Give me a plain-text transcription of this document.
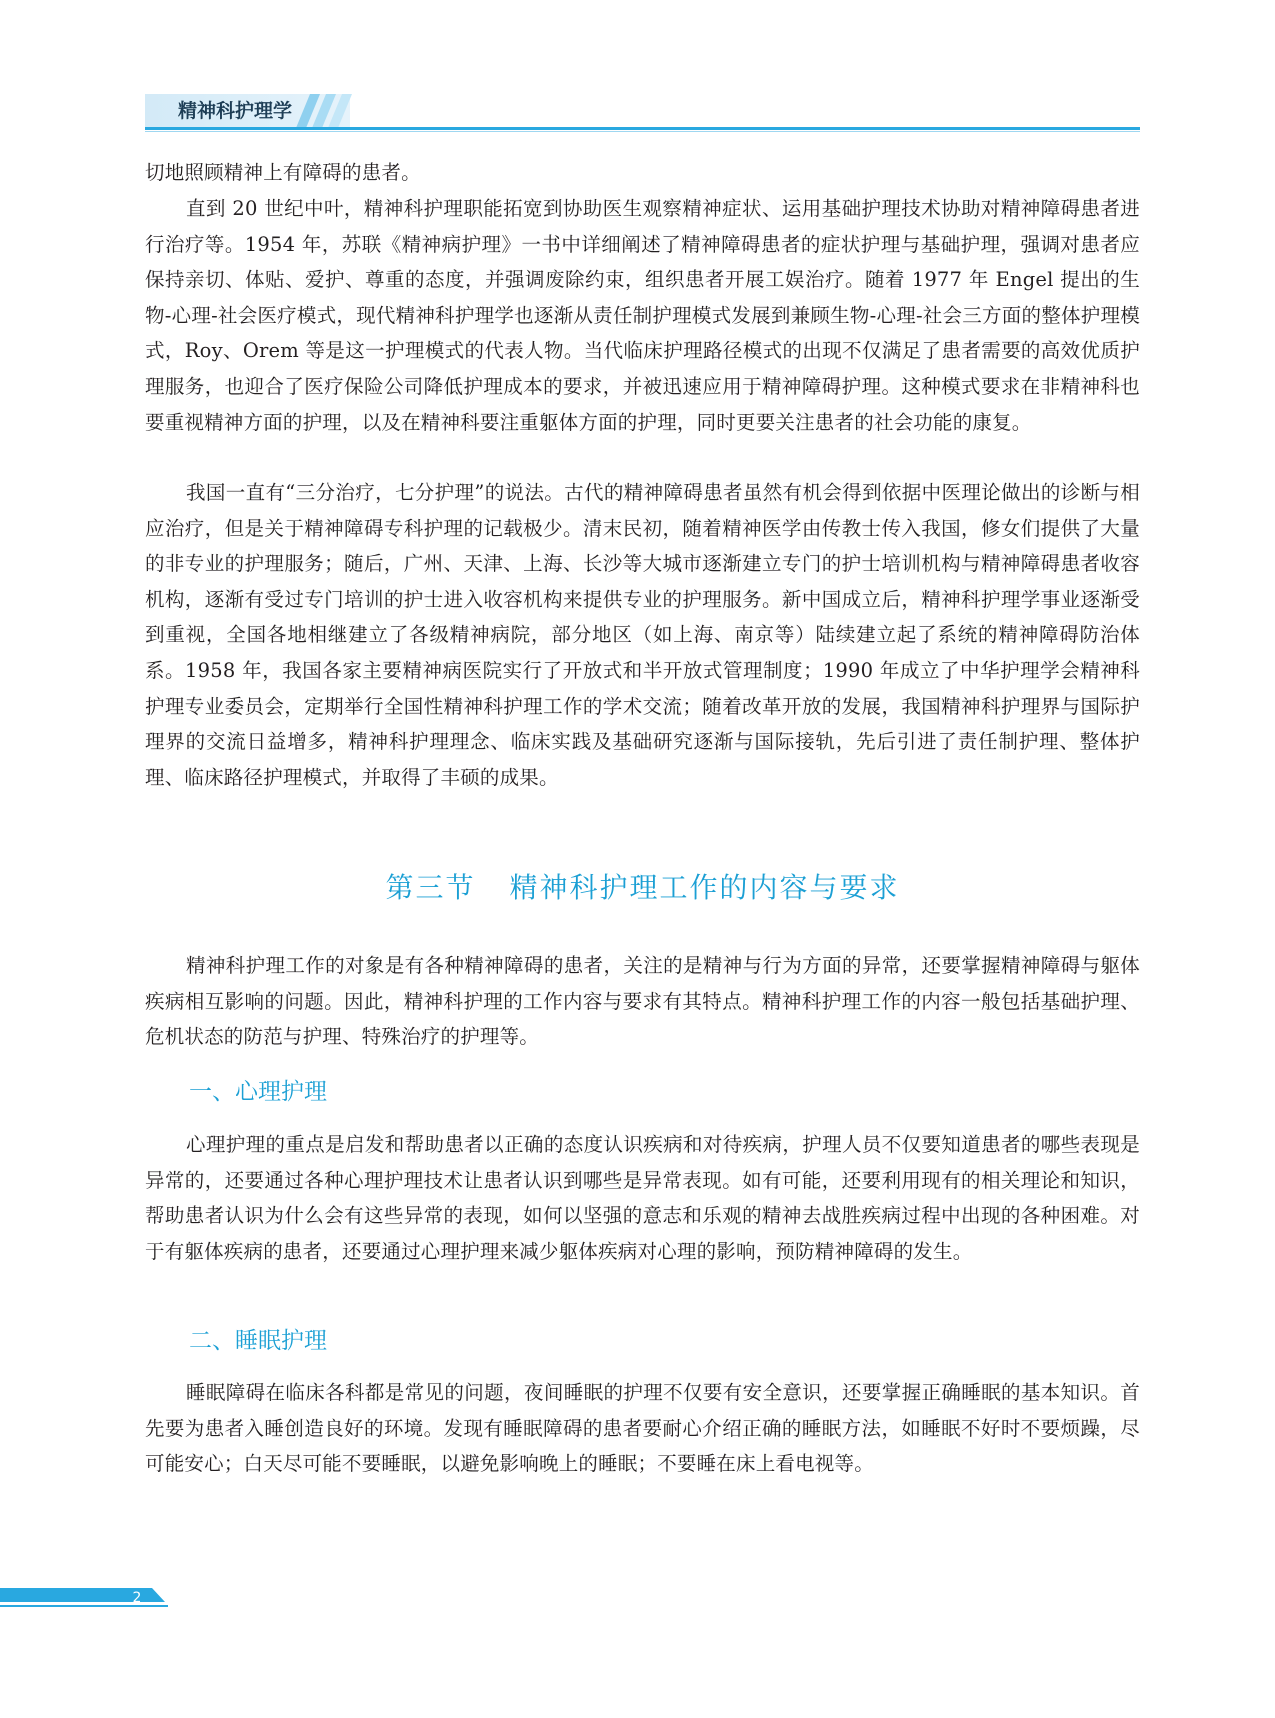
精神科护理学

切地照顾精神上有障碍的患者。

直到 20 世纪中叶，精神科护理职能拓宽到协助医生观察精神症状、运用基础护理技术协助对精神障碍患者进行治疗等。1954 年，苏联《精神病护理》一书中详细阐述了精神障碍患者的症状护理与基础护理，强调对患者应保持亲切、体贴、爱护、尊重的态度，并强调废除约束，组织患者开展工娱治疗。随着 1977 年 Engel 提出的生物-心理-社会医疗模式，现代精神科护理学也逐渐从责任制护理模式发展到兼顾生物-心理-社会三方面的整体护理模式，Roy、Orem 等是这一护理模式的代表人物。当代临床护理路径模式的出现不仅满足了患者需要的高效优质护理服务，也迎合了医疗保险公司降低护理成本的要求，并被迅速应用于精神障碍护理。这种模式要求在非精神科也要重视精神方面的护理，以及在精神科要注重躯体方面的护理，同时更要关注患者的社会功能的康复。

我国一直有“三分治疗，七分护理”的说法。古代的精神障碍患者虽然有机会得到依据中医理论做出的诊断与相应治疗，但是关于精神障碍专科护理的记载极少。清末民初，随着精神医学由传教士传入我国，修女们提供了大量的非专业的护理服务；随后，广州、天津、上海、长沙等大城市逐渐建立专门的护士培训机构与精神障碍患者收容机构，逐渐有受过专门培训的护士进入收容机构来提供专业的护理服务。新中国成立后，精神科护理学事业逐渐受到重视，全国各地相继建立了各级精神病院，部分地区（如上海、南京等）陆续建立起了系统的精神障碍防治体系。1958 年，我国各家主要精神病医院实行了开放式和半开放式管理制度；1990 年成立了中华护理学会精神科护理专业委员会，定期举行全国性精神科护理工作的学术交流；随着改革开放的发展，我国精神科护理界与国际护理界的交流日益增多，精神科护理理念、临床实践及基础研究逐渐与国际接轨，先后引进了责任制护理、整体护理、临床路径护理模式，并取得了丰硕的成果。

第三节 精神科护理工作的内容与要求

精神科护理工作的对象是有各种精神障碍的患者，关注的是精神与行为方面的异常，还要掌握精神障碍与躯体疾病相互影响的问题。因此，精神科护理的工作内容与要求有其特点。精神科护理工作的内容一般包括基础护理、危机状态的防范与护理、特殊治疗的护理等。

一、心理护理

心理护理的重点是启发和帮助患者以正确的态度认识疾病和对待疾病，护理人员不仅要知道患者的哪些表现是异常的，还要通过各种心理护理技术让患者认识到哪些是异常表现。如有可能，还要利用现有的相关理论和知识，帮助患者认识为什么会有这些异常的表现，如何以坚强的意志和乐观的精神去战胜疾病过程中出现的各种困难。对于有躯体疾病的患者，还要通过心理护理来减少躯体疾病对心理的影响，预防精神障碍的发生。

二、睡眠护理

睡眠障碍在临床各科都是常见的问题，夜间睡眠的护理不仅要有安全意识，还要掌握正确睡眠的基本知识。首先要为患者入睡创造良好的环境。发现有睡眠障碍的患者要耐心介绍正确的睡眠方法，如睡眠不好时不要烦躁，尽可能安心；白天尽可能不要睡眠，以避免影响晚上的睡眠；不要睡在床上看电视等。

2
